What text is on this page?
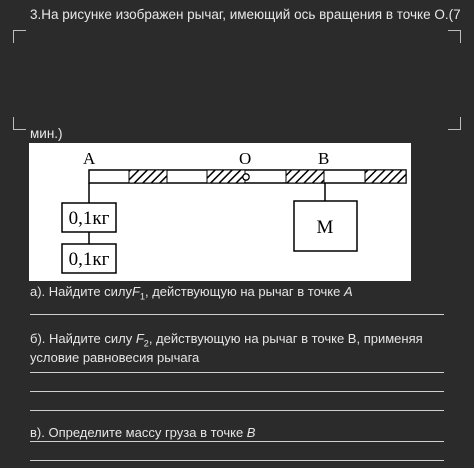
3.На рисунке изображен рычаг, имеющий ось вращения в точке О.(7
мин.)
A	O	B
0,1кг
0,1кг
M
а). Найдите силуF$_1$, действующую на рычаг в точке А
б). Найдите силу $F_2$, действующую на рычаг в точке В, применяя условие равновесия рычага
в). Определите массу груза в точке В
